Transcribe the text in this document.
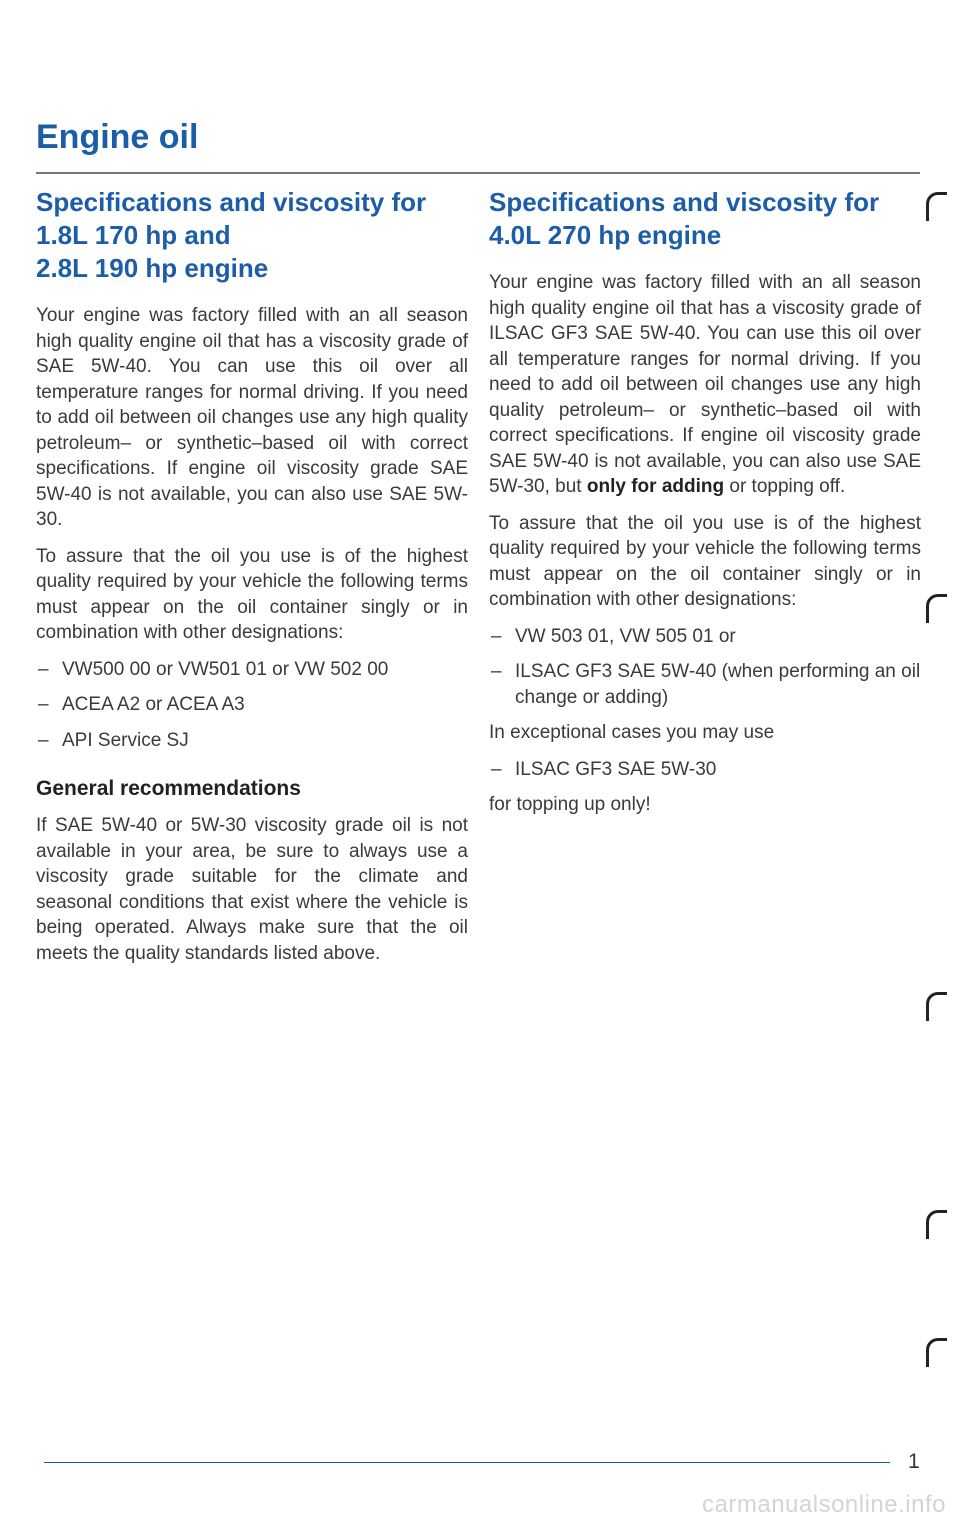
Engine oil
Specifications and viscosity for
1.8L 170 hp and
2.8L 190 hp engine

Your engine was factory filled with an all season high quality engine oil that has a viscosity grade of SAE 5W-40. You can use this oil over all temperature ranges for normal driving. If you need to add oil between oil changes use any high quality petroleum– or synthetic–based oil with correct specifications. If engine oil viscosity grade SAE 5W-40 is not available, you can also use SAE 5W-30.

To assure that the oil you use is of the highest quality required by your vehicle the following terms must appear on the oil container singly or in combination with other designations:

– VW500 00 or VW501 01 or VW 502 00
– ACEA A2 or ACEA A3
– API Service SJ
General recommendations

If SAE 5W-40 or 5W-30 viscosity grade oil is not available in your area, be sure to always use a viscosity grade suitable for the climate and seasonal conditions that exist where the vehicle is being operated. Always make sure that the oil meets the quality standards listed above.

Specifications and viscosity for
4.0L 270 hp engine

Your engine was factory filled with an all season high quality engine oil that has a viscosity grade of ILSAC GF3 SAE 5W-40. You can use this oil over all temperature ranges for normal driving. If you need to add oil between oil changes use any high quality petroleum– or synthetic–based oil with correct specifications. If engine oil viscosity grade SAE 5W-40 is not available, you can also use SAE 5W-30, but only for adding or topping off.

To assure that the oil you use is of the highest quality required by your vehicle the following terms must appear on the oil container singly or in combination with other designations:

– VW 503 01, VW 505 01 or
– ILSAC GF3 SAE 5W-40 (when performing an oil change or adding)

In exceptional cases you may use

– ILSAC GF3 SAE 5W-30

for topping up only!

1
carmanualsonline.info
